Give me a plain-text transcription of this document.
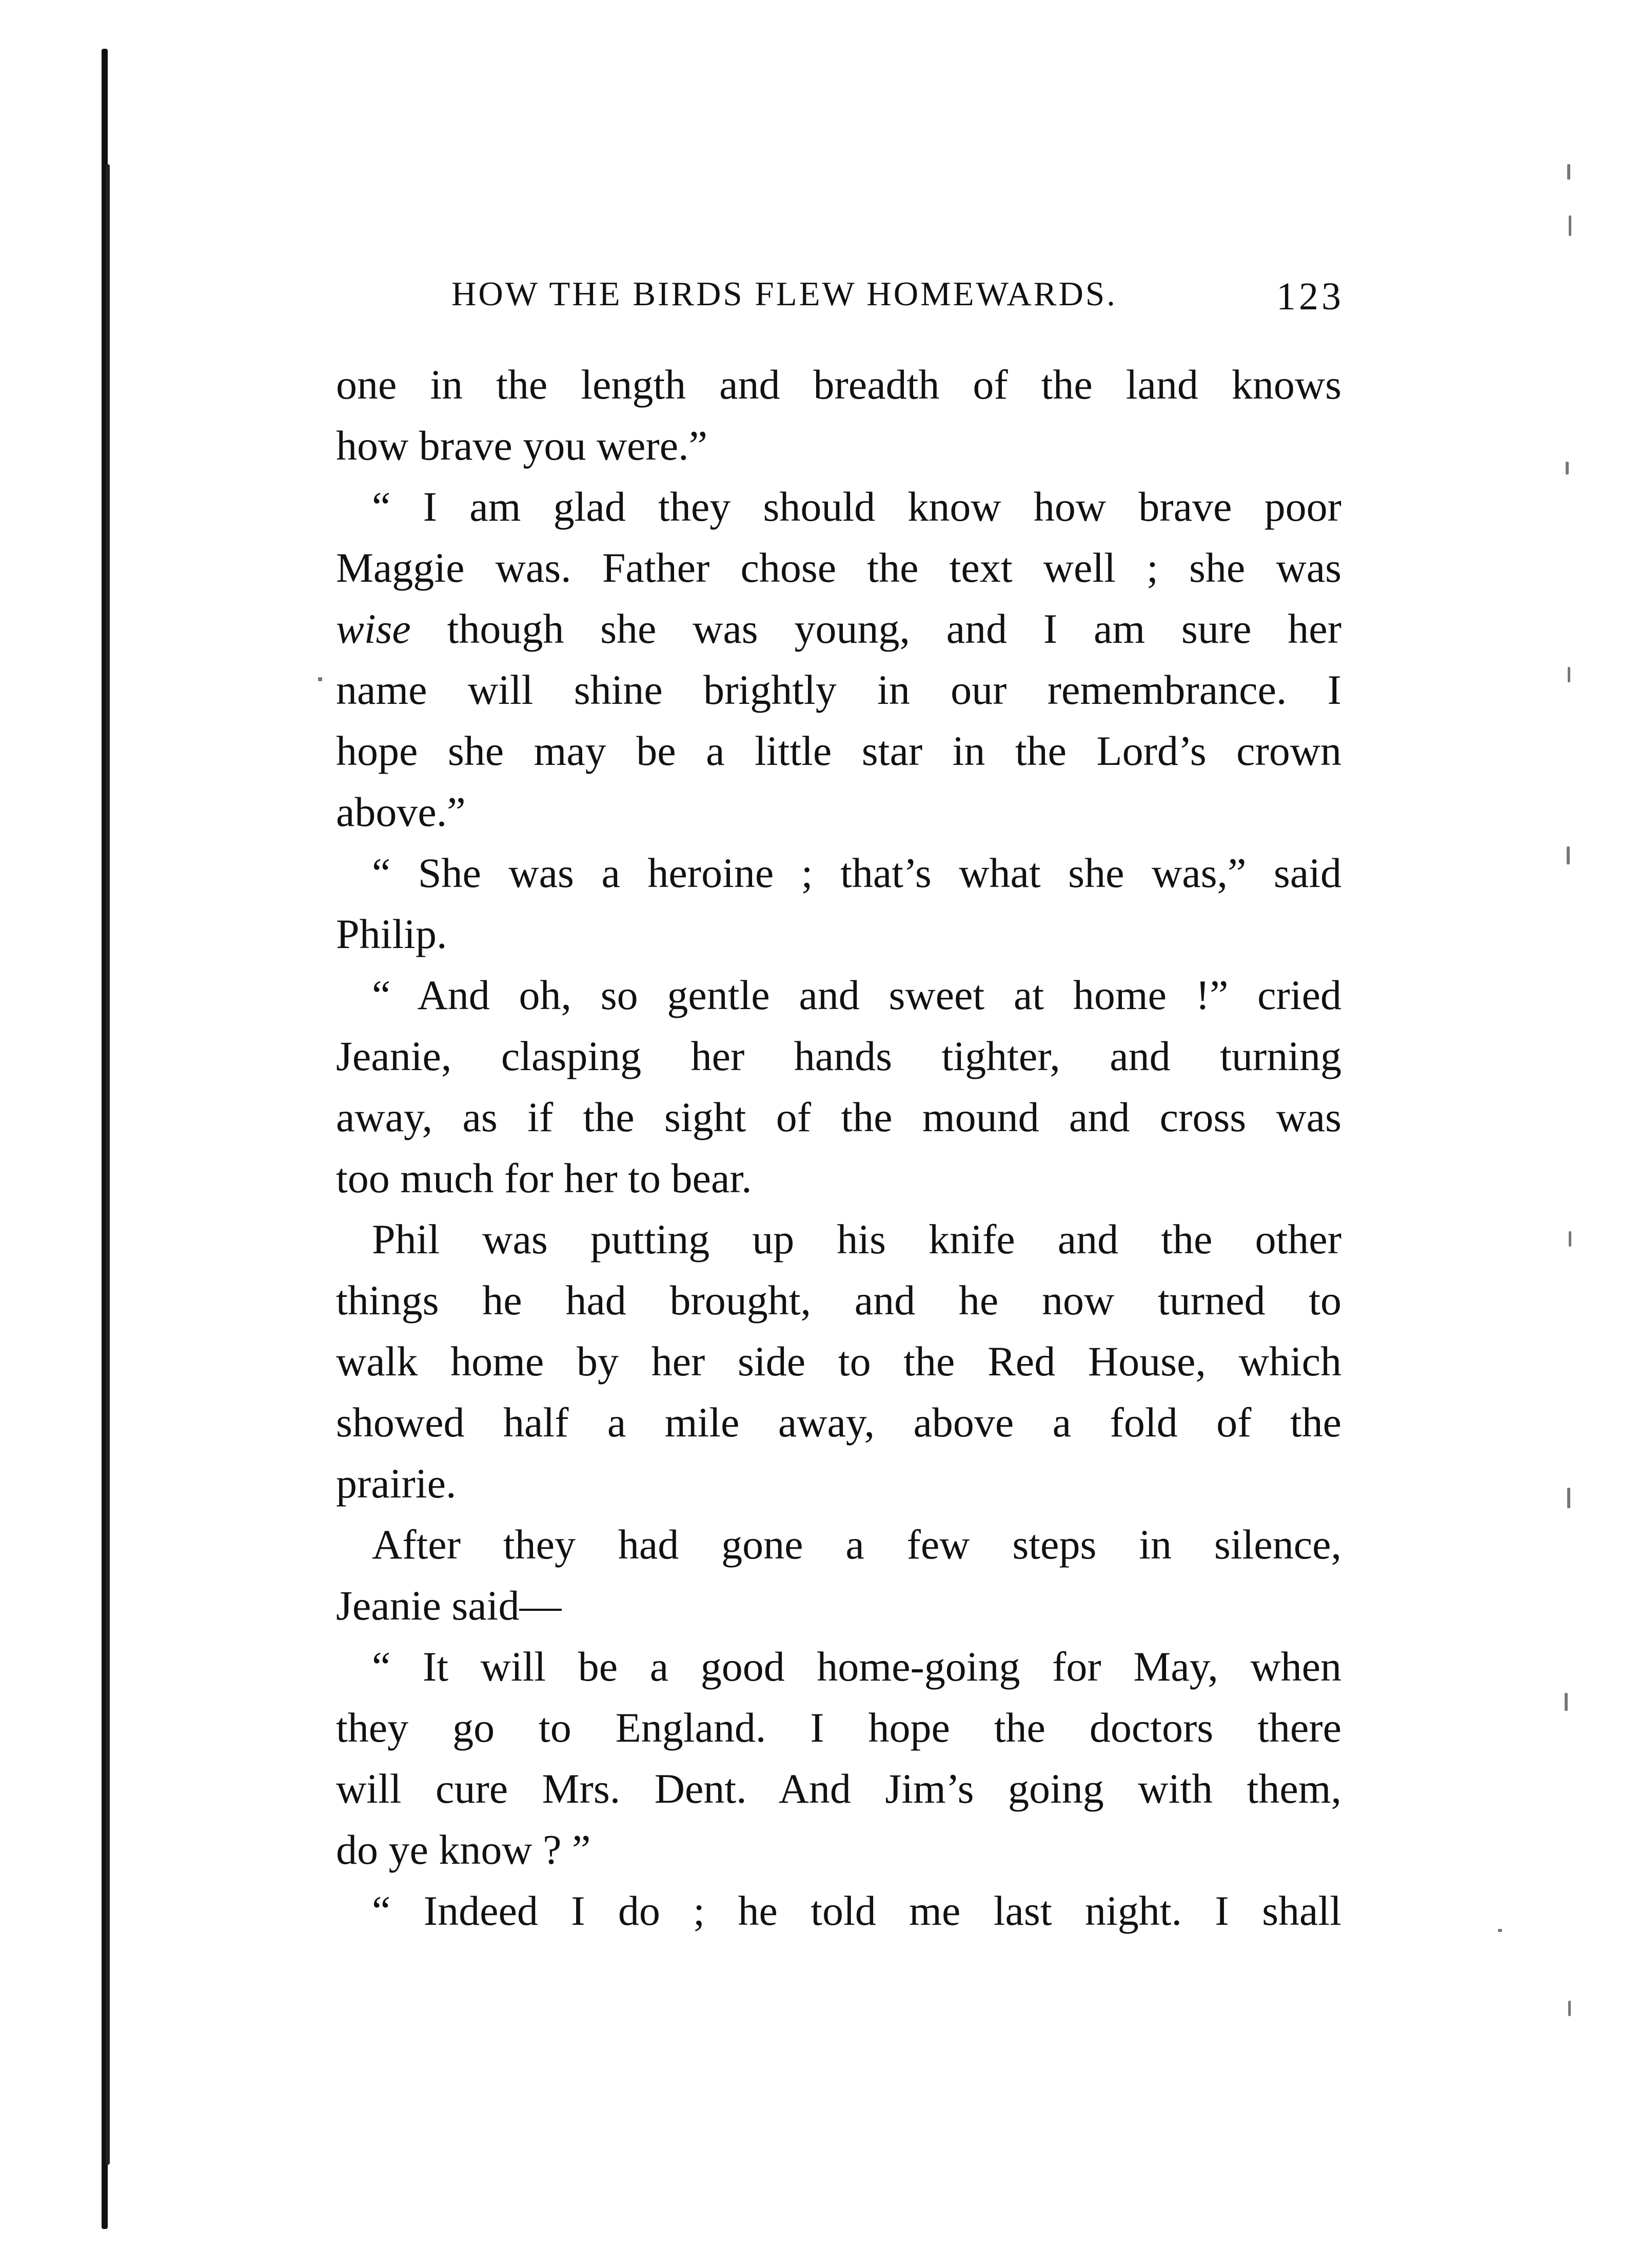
HOW THE BIRDS FLEW HOMEWARDS.	123
one in the length and breadth of the land knows
how brave you were.”
“ I am glad they should know how brave poor
Maggie was. Father chose the text well ; she was
wise though she was young, and I am sure her
name will shine brightly in our remembrance. I
hope she may be a little star in the Lord’s crown
above.”
“ She was a heroine ; that’s what she was,” said
Philip.
“ And oh, so gentle and sweet at home !” cried
Jeanie, clasping her hands tighter, and turning
away, as if the sight of the mound and cross was
too much for her to bear.
Phil was putting up his knife and the other
things he had brought, and he now turned to
walk home by her side to the Red House, which
showed half a mile away, above a fold of the
prairie.
After they had gone a few steps in silence,
Jeanie said—
“ It will be a good home-going for May, when
they go to England. I hope the doctors there
will cure Mrs. Dent. And Jim’s going with them,
do ye know ? ”
“ Indeed I do ; he told me last night. I shall
